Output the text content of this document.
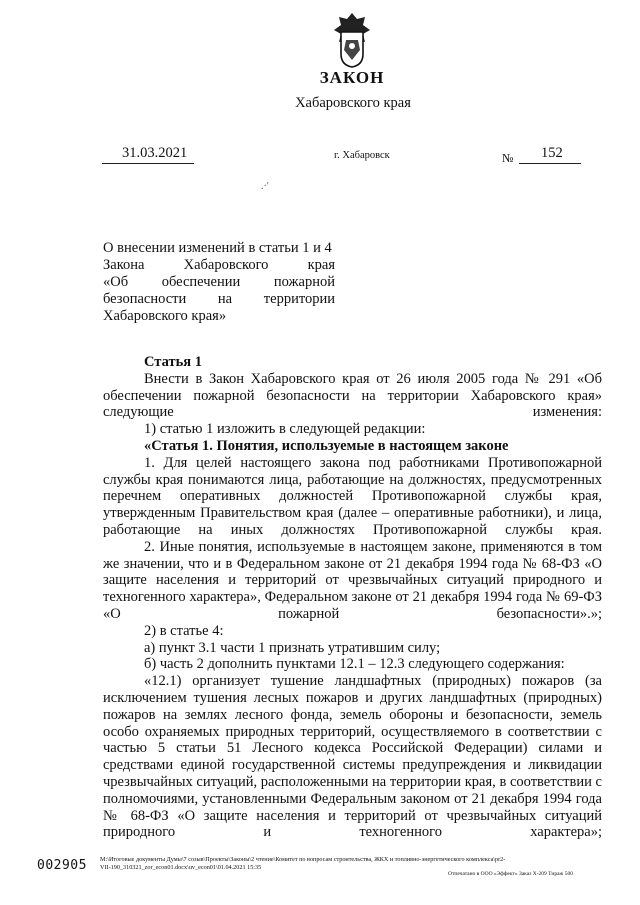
ЗАКОН
Хабаровского края
31.03.2021	г. Хабаровск	№ 152
.·'
О внесении изменений в статьи 1 и 4
Закона Хабаровского края
«Об обеспечении пожарной
безопасности на территории
Хабаровского края»

Статья 1

Внести в Закон Хабаровского края от 26 июля 2005 года № 291 «Об обеспечении пожарной безопасности на территории Хабаровского края» следующие изменения:

1) статью 1 изложить в следующей редакции:

«Статья 1. Понятия, используемые в настоящем законе

1. Для целей настоящего закона под работниками Противопожарной службы края понимаются лица, работающие на должностях, предусмотренных перечнем оперативных должностей Противопожарной службы края, утвержденным Правительством края (далее – оперативные работники), и лица, работающие на иных должностях Противопожарной службы края.

2. Иные понятия, используемые в настоящем законе, применяются в том же значении, что и в Федеральном законе от 21 декабря 1994 года № 68-ФЗ «О защите населения и территорий от чрезвычайных ситуаций природного и техногенного характера», Федеральном законе от 21 декабря 1994 года № 69-ФЗ «О пожарной безопасности».»;

2) в статье 4:

а) пункт 3.1 части 1 признать утратившим силу;

б) часть 2 дополнить пунктами 12.1 – 12.3 следующего содержания:

«12.1) организует тушение ландшафтных (природных) пожаров (за исключением тушения лесных пожаров и других ландшафтных (природных) пожаров на землях лесного фонда, земель обороны и безопасности, земель особо охраняемых природных территорий, осуществляемого в соответствии с частью 5 статьи 51 Лесного кодекса Российской Федерации) силами и средствами единой государственной системы предупреждения и ликвидации чрезвычайных ситуаций, расположенными на территории края, в соответствии с полномочиями, установленными Федеральным законом от 21 декабря 1994 года № 68-ФЗ «О защите населения и территорий от чрезвычайных ситуаций природного и техногенного характера»;

002905 M:\Итоговые документы Думы\7 созыв\Проекты\Законы\2 чтение\Комитет по вопросам строительства, ЖКХ и топливно-энергетического комплекса\pr2-
VII-190_310321_zor_econ01.docx\uv_econ01\01.04.2021 15:35
Отпечатано в ООО «Эффект» Заказ X-209 Тираж 500
